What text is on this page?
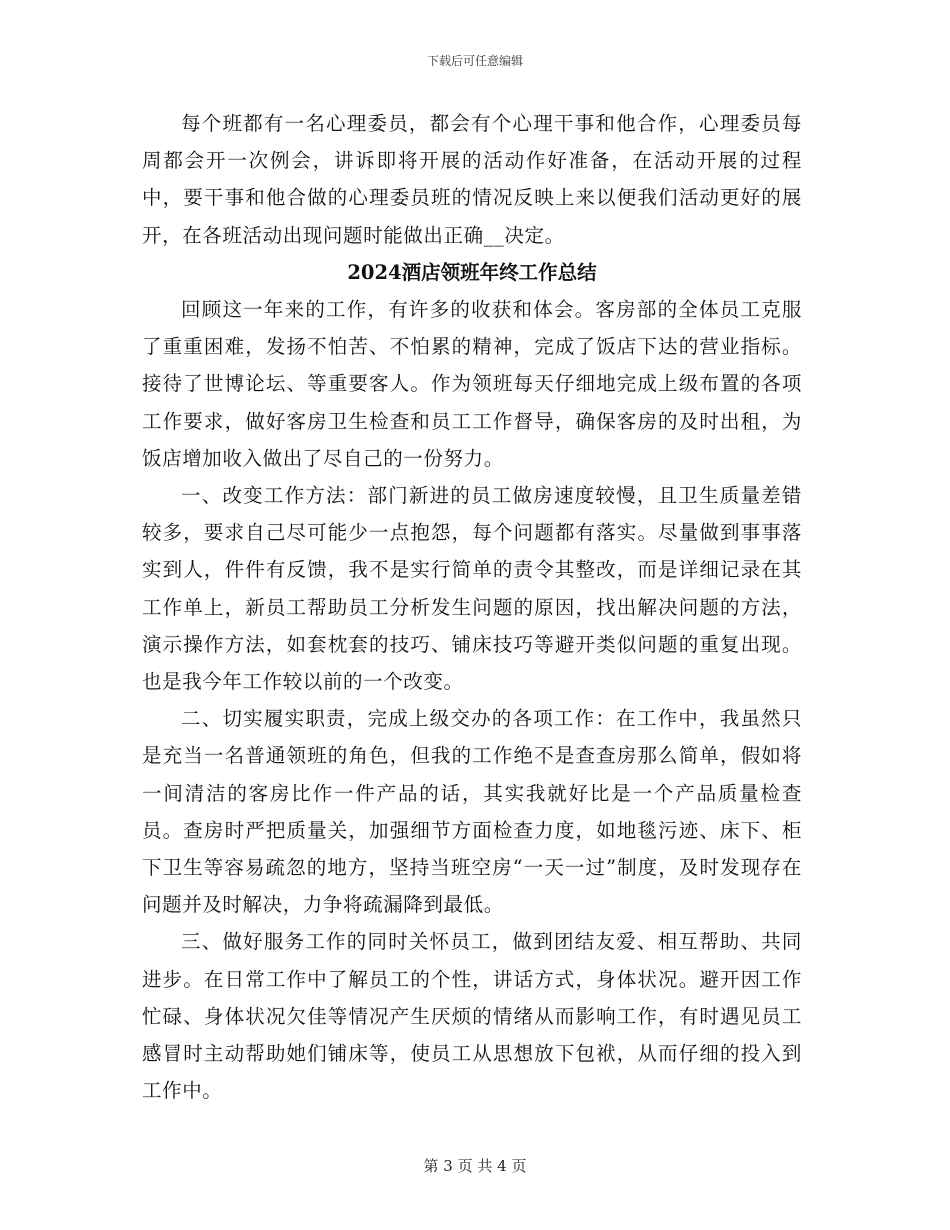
下载后可任意编辑

每个班都有一名心理委员，都会有个心理干事和他合作，心理委员每周都会开一次例会，讲诉即将开展的活动作好准备，在活动开展的过程中，要干事和他合做的心理委员班的情况反映上来以便我们活动更好的展开，在各班活动出现问题时能做出正确__决定。

2024酒店领班年终工作总结

回顾这一年来的工作，有许多的收获和体会。客房部的全体员工克服了重重困难，发扬不怕苦、不怕累的精神，完成了饭店下达的营业指标。接待了世博论坛、等重要客人。作为领班每天仔细地完成上级布置的各项工作要求，做好客房卫生检查和员工工作督导，确保客房的及时出租，为饭店增加收入做出了尽自己的一份努力。

一、改变工作方法：部门新进的员工做房速度较慢，且卫生质量差错较多，要求自己尽可能少一点抱怨，每个问题都有落实。尽量做到事事落实到人，件件有反馈，我不是实行简单的责令其整改，而是详细记录在其工作单上，新员工帮助员工分析发生问题的原因，找出解决问题的方法，演示操作方法，如套枕套的技巧、铺床技巧等避开类似问题的重复出现。也是我今年工作较以前的一个改变。

二、切实履实职责，完成上级交办的各项工作：在工作中，我虽然只是充当一名普通领班的角色，但我的工作绝不是查查房那么简单，假如将一间清洁的客房比作一件产品的话，其实我就好比是一个产品质量检查员。查房时严把质量关，加强细节方面检查力度，如地毯污迹、床下、柜下卫生等容易疏忽的地方，坚持当班空房“一天一过”制度，及时发现存在问题并及时解决，力争将疏漏降到最低。

三、做好服务工作的同时关怀员工，做到团结友爱、相互帮助、共同进步。在日常工作中了解员工的个性，讲话方式，身体状况。避开因工作忙碌、身体状况欠佳等情况产生厌烦的情绪从而影响工作，有时遇见员工感冒时主动帮助她们铺床等，使员工从思想放下包袱，从而仔细的投入到工作中。

第 3 页 共 4 页
